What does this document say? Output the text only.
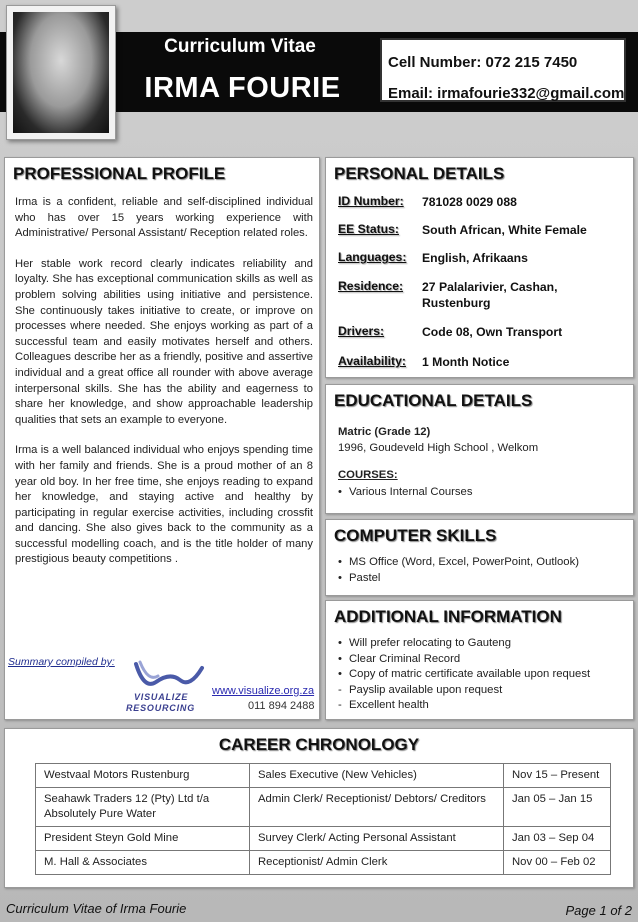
Curriculum Vitae
IRMA FOURIE
Cell Number: 072 215 7450
Email: irmafourie332@gmail.com
PROFESSIONAL PROFILE

Irma is a confident, reliable and self-disciplined individual who has over 15 years working experience with Administrative/ Personal Assistant/ Reception related roles.

Her stable work record clearly indicates reliability and loyalty. She has exceptional communication skills as well as problem solving abilities using initiative and persistence. She continuously takes initiative to create, or improve on processes where needed. She enjoys working as part of a successful team and easily motivates herself and others. Colleagues describe her as a friendly, positive and assertive individual and a great office all rounder with above average interpersonal skills. She has the ability and eagerness to share her knowledge, and show approachable leadership qualities that sets an example to everyone.

Irma is a well balanced individual who enjoys spending time with her family and friends. She is a proud mother of an 8 year old boy. In her free time, she enjoys reading to expand her knowledge, and staying active and healthy by participating in regular exercise activities, including crossfit and dancing. She also gives back to the community as a successful modelling coach, and is the title holder of many prestigious beauty competitions .

Summary compiled by:
VISUALIZE
RESOURCING
www.visualize.org.za
011 894 2488
PERSONAL DETAILS
ID Number: 781028 0029 088
EE Status: South African, White Female
Languages: English, Afrikaans
Residence: 27 Palalarivier, Cashan,
Rustenburg
Drivers:	Code 08, Own Transport
Availability: 1 Month Notice
EDUCATIONAL DETAILS
Matric (Grade 12)
1996, Goudeveld High School , Welkom
COURSES:
• Various Internal Courses
COMPUTER SKILLS
• MS Office (Word, Excel, PowerPoint, Outlook)
• Pastel
ADDITIONAL INFORMATION
• Will prefer relocating to Gauteng
• Clear Criminal Record
• Copy of matric certificate available upon request
- Payslip available upon request
- Excellent health
CAREER CHRONOLOGY
Westvaal Motors Rustenburg	Sales Executive (New Vehicles)	Nov 15 – Present
Seahawk Traders 12 (Pty) Ltd t/a Absolutely Pure Water	Admin Clerk/ Receptionist/ Debtors/ Creditors	Jan 05 – Jan 15
President Steyn Gold Mine	Survey Clerk/ Acting Personal Assistant	Jan 03 – Sep 04
M. Hall & Associates	Receptionist/ Admin Clerk	Nov 00 – Feb 02
Curriculum Vitae of Irma Fourie	Page 1 of 2
